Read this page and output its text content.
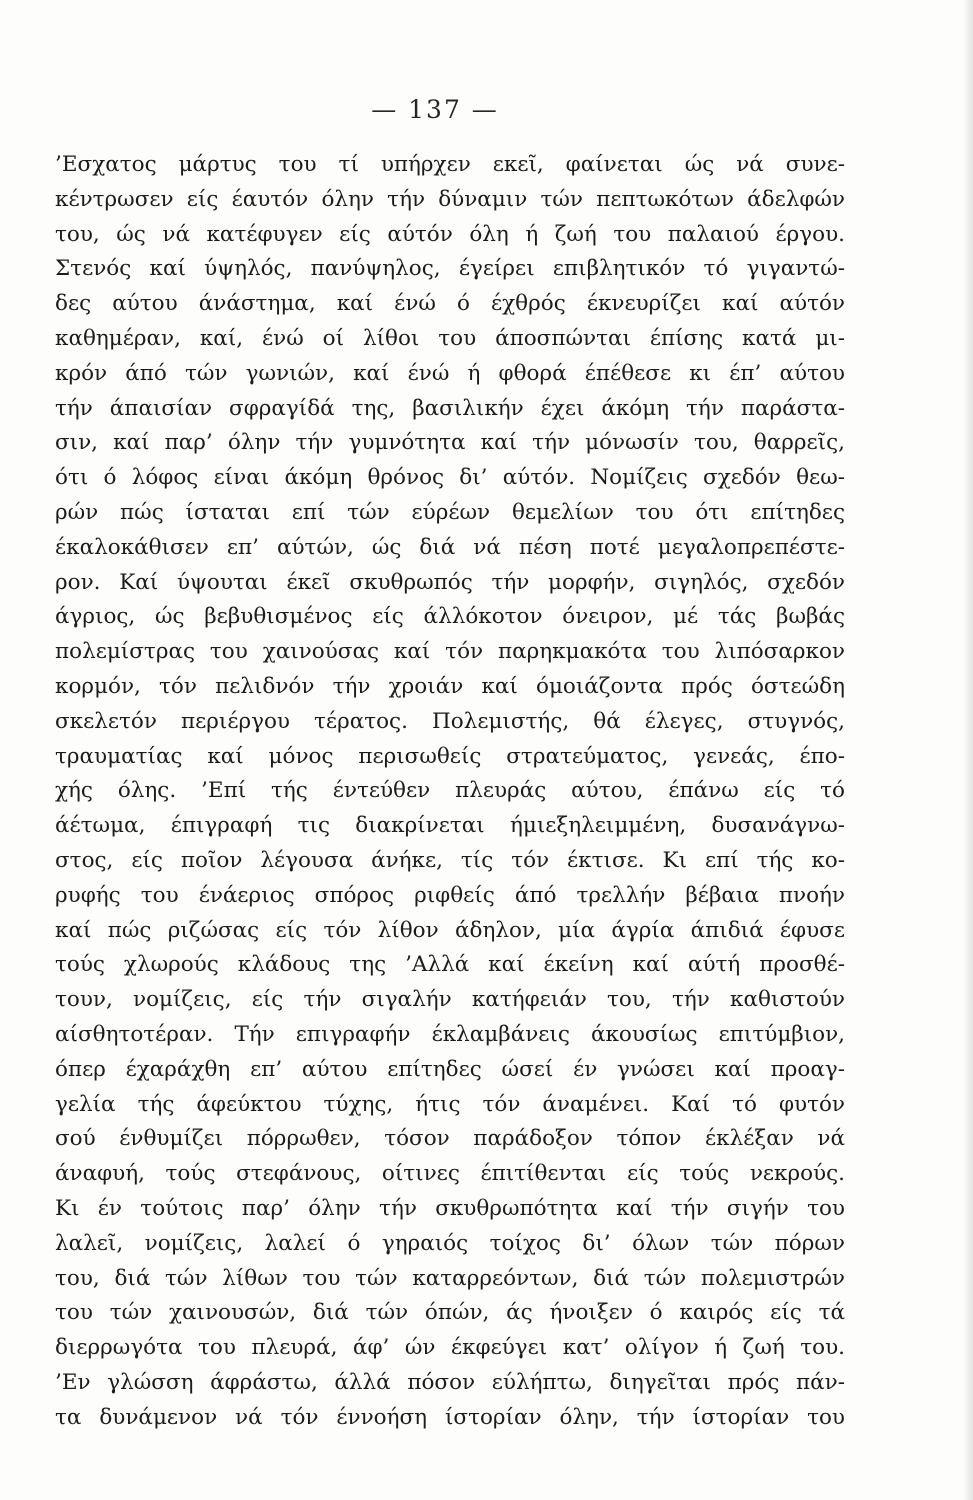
— 137 —
’Εσχατος μάρτυς του τί υπήρχεν εκεῖ, φαίνεται ώς νά συνε-
κέντρωσεν είς έαυτόν όλην τήν δύναμιν τών πεπτωκότων άδελφών
του, ώς νά κατέφυγεν είς αύτόν όλη ή ζωή του παλαιού έργου.
Στενός καί ύψηλός, πανύψηλος, έγείρει επιβλητικόν τό γιγαντώ-
δες αύτου άνάστημα, καί ένώ ό έχθρός έκνευρίζει καί αύτόν
καθημέραν, καί, ένώ οί λίθοι του άποσπώνται έπίσης κατά μι-
κρόν άπό τών γωνιών, καί ένώ ή φθορά έπέθεσε κι έπ’ αύτου
τήν άπαισίαν σφραγίδά της, βασιλικήν έχει άκόμη τήν παράστα-
σιν, καί παρ’ όλην τήν γυμνότητα καί τήν μόνωσίν του, θαρρεῖς,
ότι ό λόφος είναι άκόμη θρόνος δι’ αύτόν. Νομίζεις σχεδόν θεω-
ρών πώς ίσταται επί τών εύρέων θεμελίων του ότι επίτηδες
έκαλοκάθισεν επ’ αύτών, ώς διά νά πέση ποτέ μεγαλοπρεπέστε-
ρον. Καί ύψουται έκεῖ σκυθρωπός τήν μορφήν, σιγηλός, σχεδόν
άγριος, ώς βεβυθισμένος είς άλλόκοτον όνειρον, μέ τάς βωβάς
πολεμίστρας του χαινούσας καί τόν παρηκμακότα του λιπόσαρκον
κορμόν, τόν πελιδνόν τήν χροιάν καί όμοιάζοντα πρός όστεώδη
σκελετόν περιέργου τέρατος. Πολεμιστής, θά έλεγες, στυγνός,
τραυματίας καί μόνος περισωθείς στρατεύματος, γενεάς, έπο-
χής όλης. ’Επί τής έντεύθεν πλευράς αύτου, έπάνω είς τό
άέτωμα, έπιγραφή τις διακρίνεται ήμιεξηλειμμένη, δυσανάγνω-
στος, είς ποῖον λέγουσα άνήκε, τίς τόν έκτισε. Κι επί τής κο-
ρυφής του ένάεριος σπόρος ριφθείς άπό τρελλήν βέβαια πνοήν
καί πώς ριζώσας είς τόν λίθον άδηλον, μία άγρία άπιδιά έφυσε
τούς χλωρούς κλάδους της ’Αλλά καί έκείνη καί αύτή προσθέ-
τουν, νομίζεις, είς τήν σιγαλήν κατήφειάν του, τήν καθιστούν
αίσθητοτέραν. Τήν επιγραφήν έκλαμβάνεις άκουσίως επιτύμβιον,
όπερ έχαράχθη επ’ αύτου επίτηδες ώσεί έν γνώσει καί προαγ-
γελία τής άφεύκτου τύχης, ήτις τόν άναμένει. Καί τό φυτόν
σού ένθυμίζει πόρρωθεν, τόσον παράδοξον τόπον έκλέξαν νά
άναφυή, τούς στεφάνους, οίτινες έπιτίθενται είς τούς νεκρούς.
Κι έν τούτοις παρ’ όλην τήν σκυθρωπότητα καί τήν σιγήν του
λαλεῖ, νομίζεις, λαλεί ό γηραιός τοίχος δι’ όλων τών πόρων
του, διά τών λίθων του τών καταρρεόντων, διά τών πολεμιστρών
του τών χαινουσών, διά τών όπών, άς ήνοιξεν ό καιρός είς τά
διερρωγότα του πλευρά, άφ’ ών έκφεύγει κατ’ ολίγον ή ζωή του.
’Εν γλώσση άφράστω, άλλά πόσον εύλήπτω, διηγεῖται πρός πάν-
τα δυνάμενον νά τόν έννοήση ίστορίαν όλην, τήν ίστορίαν του
